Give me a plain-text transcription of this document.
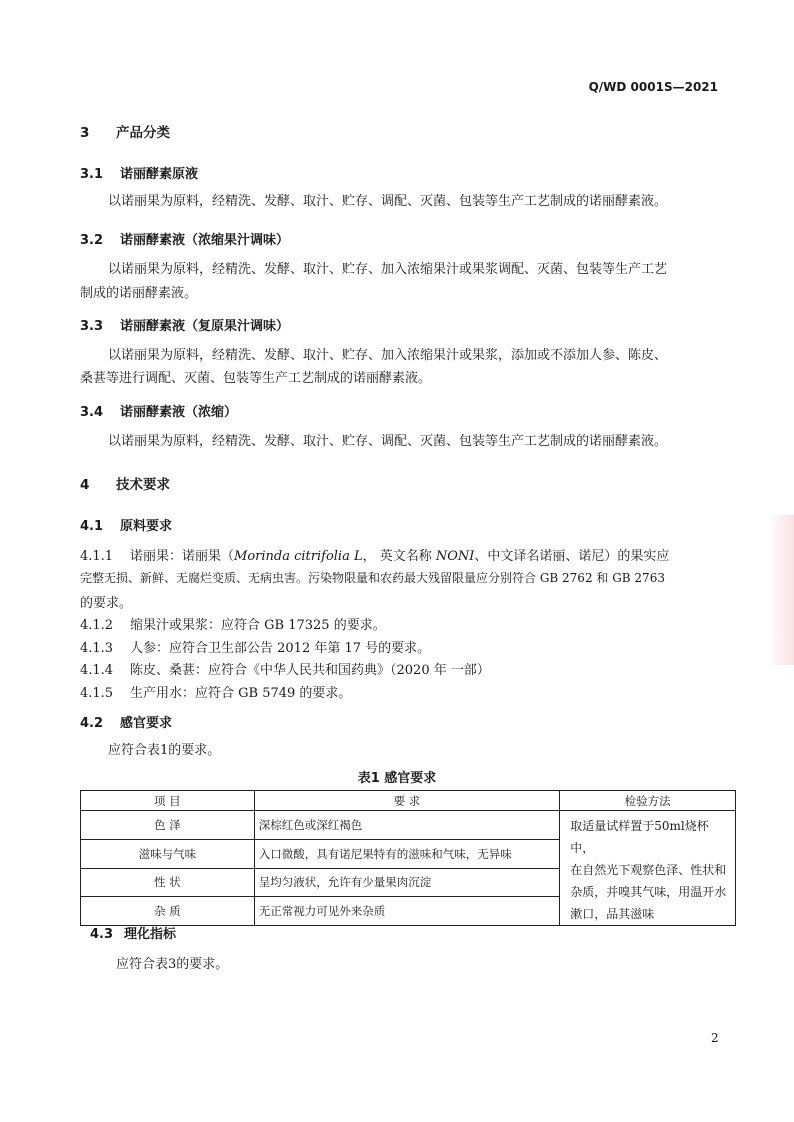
Q/WD 0001S—2021
3 产品分类
3.1 诺丽酵素原液
以诺丽果为原料，经精洗、发酵、取汁、贮存、调配、灭菌、包装等生产工艺制成的诺丽酵素液。
3.2 诺丽酵素液（浓缩果汁调味）
以诺丽果为原料，经精洗、发酵、取汁、贮存、加入浓缩果汁或果浆调配、灭菌、包装等生产工艺
制成的诺丽酵素液。
3.3 诺丽酵素液（复原果汁调味）
以诺丽果为原料，经精洗、发酵、取汁、贮存、加入浓缩果汁或果浆，添加或不添加人参、陈皮、
桑葚等进行调配、灭菌、包装等生产工艺制成的诺丽酵素液。
3.4 诺丽酵素液（浓缩）
以诺丽果为原料，经精洗、发酵、取汁、贮存、调配、灭菌、包装等生产工艺制成的诺丽酵素液。
4 技术要求
4.1 原料要求
4.1.1 诺丽果：诺丽果（Morinda citrifolia L， 英文名称 NONI、中文译名诺丽、诺尼）的果实应
完整无损、新鲜、无腐烂变质、无病虫害。污染物限量和农药最大残留限量应分别符合 GB 2762 和 GB 2763
的要求。
4.1.2 缩果汁或果浆：应符合 GB 17325 的要求。
4.1.3 人参：应符合卫生部公告 2012 年第 17 号的要求。
4.1.4 陈皮、桑葚：应符合《中华人民共和国药典》（2020 年 一部）
4.1.5 生产用水：应符合 GB 5749 的要求。
4.2 感官要求
应符合表1的要求。
表1 感官要求
项 目	要 求	检验方法
色 泽	深棕红色或深红褐色	取适量试样置于50ml烧杯中，
在自然光下观察色泽、性状和
杂质，并嗅其气味，用温开水
漱口，品其滋味

滋味与气味	入口微酸，具有诺尼果特有的滋味和气味，无异味	
性 状	呈均匀液状，允许有少量果肉沉淀	
杂 质	无正常视力可见外来杂质	
4.3 理化指标
应符合表3的要求。
2
